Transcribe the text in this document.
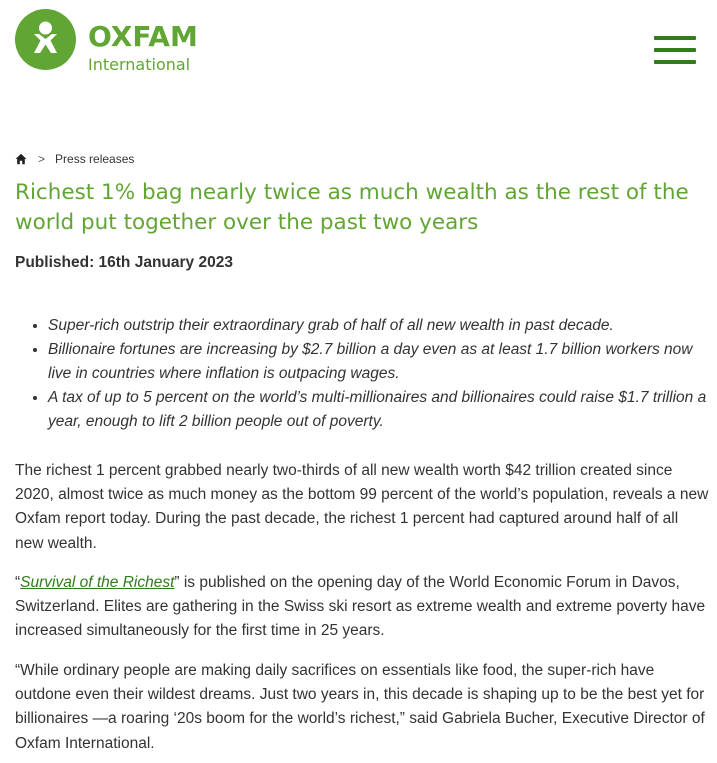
OXFAM
International
> Press releases
Richest 1% bag nearly twice as much wealth as the rest of the world put together over the past two years
Published: 16th January 2023
• Super-rich outstrip their extraordinary grab of half of all new wealth in past decade.
• Billionaire fortunes are increasing by $2.7 billion a day even as at least 1.7 billion workers now live in countries where inflation is outpacing wages.
• A tax of up to 5 percent on the world’s multi-millionaires and billionaires could raise $1.7 trillion a year, enough to lift 2 billion people out of poverty.

The richest 1 percent grabbed nearly two-thirds of all new wealth worth $42 trillion created since 2020, almost twice as much money as the bottom 99 percent of the world’s population, reveals a new Oxfam report today. During the past decade, the richest 1 percent had captured around half of all new wealth.

“Survival of the Richest” is published on the opening day of the World Economic Forum in Davos, Switzerland. Elites are gathering in the Swiss ski resort as extreme wealth and extreme poverty have increased simultaneously for the first time in 25 years.

“While ordinary people are making daily sacrifices on essentials like food, the super-rich have outdone even their wildest dreams. Just two years in, this decade is shaping up to be the best yet for billionaires —a roaring ‘20s boom for the world’s richest,” said Gabriela Bucher, Executive Director of Oxfam International.
